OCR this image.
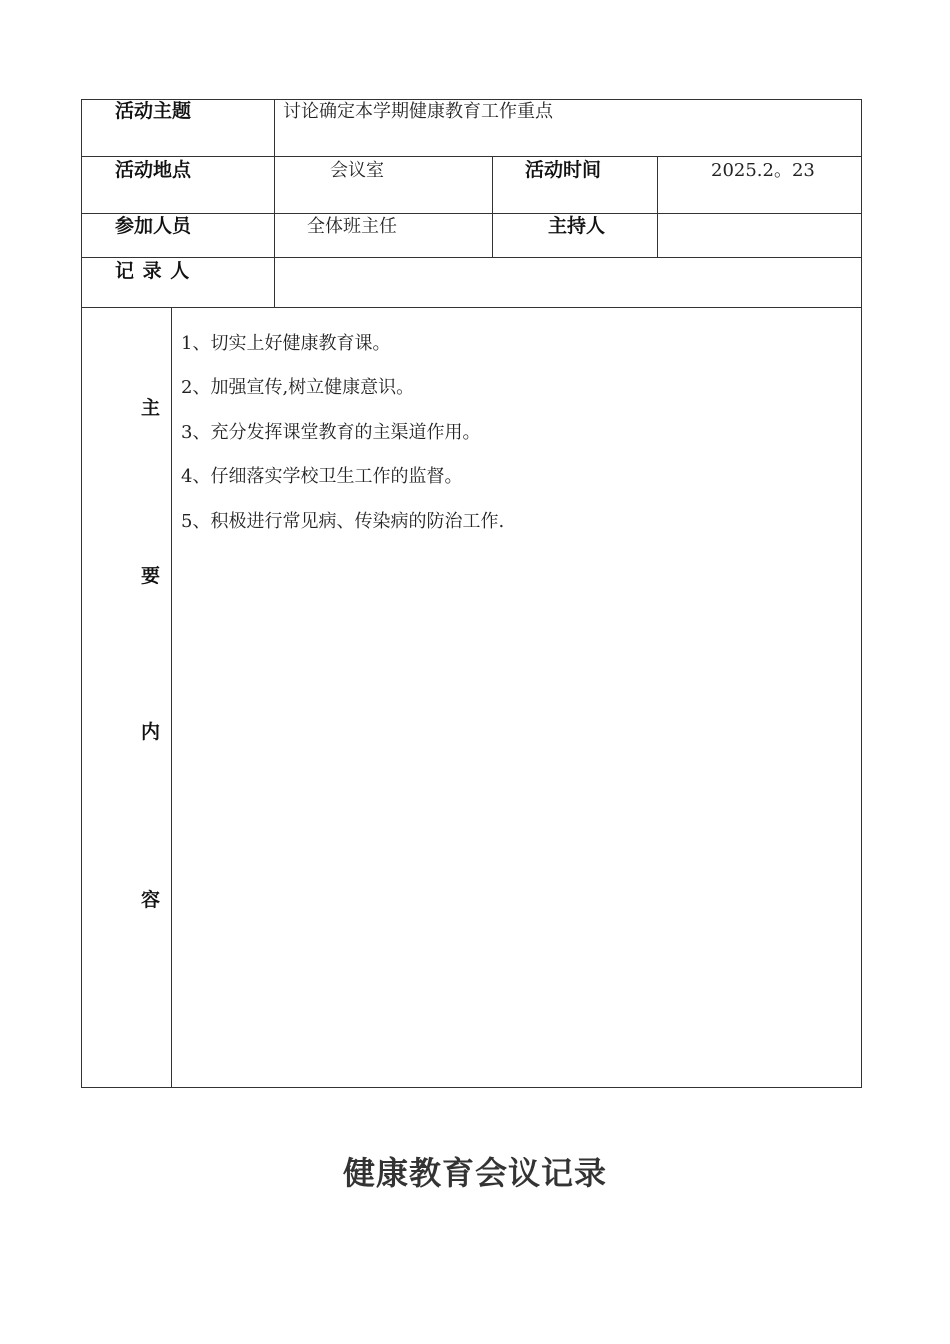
活动主题	讨论确定本学期健康教育工作重点
活动地点	会议室	活动时间	2025.2。23
参加人员	全体班主任	主持人
记 录 人
主
要
内
容
1、切实上好健康教育课。
2、加强宣传,树立健康意识。
3、充分发挥课堂教育的主渠道作用。
4、仔细落实学校卫生工作的监督。
5、积极进行常见病、传染病的防治工作.
健康教育会议记录
